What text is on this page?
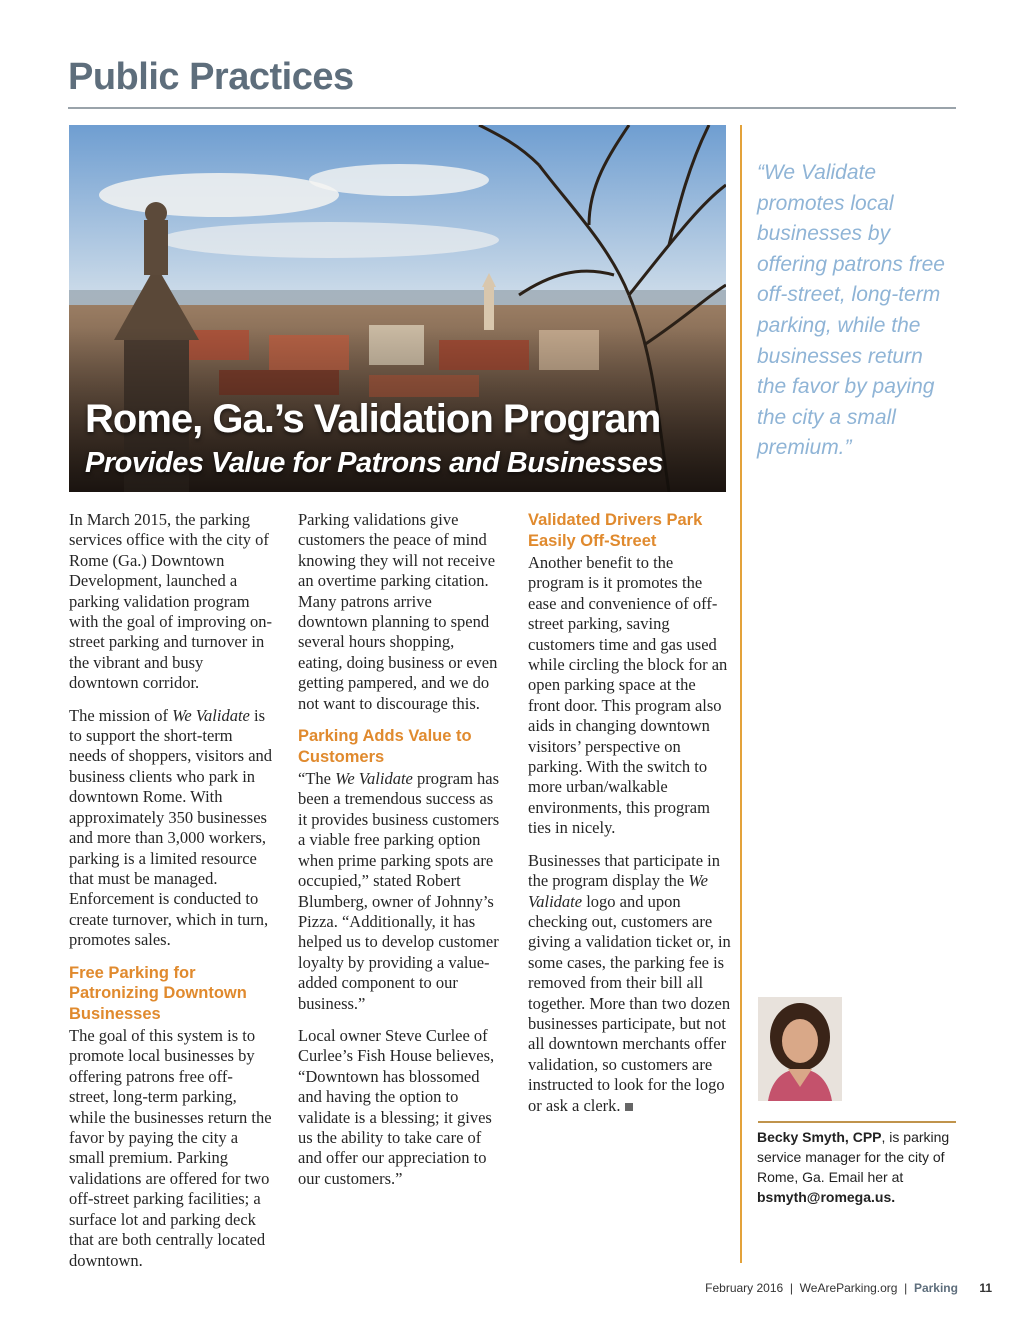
Public Practices
Rome, Ga.’s Validation Program
Provides Value for Patrons and Businesses
“We Validate promotes local businesses by offering patrons free off-street, long-term parking, while the businesses return the favor by paying the city a small premium.”

In March 2015, the parking services office with the city of Rome (Ga.) Downtown Development, launched a parking validation program with the goal of improving on-street parking and turnover in the vibrant and busy downtown corridor.

The mission of We Validate is to support the short-term needs of shoppers, visitors and business clients who park in downtown Rome. With approximately 350 businesses and more than 3,000 workers, parking is a limited resource that must be managed. Enforcement is conducted to create turnover, which in turn, promotes sales.

Free Parking for Patronizing Downtown Businesses

The goal of this system is to promote local businesses by offering patrons free off-street, long-term parking, while the businesses return the favor by paying the city a small premium. Parking validations are offered for two off-street parking facilities; a surface lot and parking deck that are both centrally located downtown.

Parking validations give customers the peace of mind knowing they will not receive an overtime parking citation. Many patrons arrive downtown planning to spend several hours shopping, eating, doing business or even getting pampered, and we do not want to discourage this.

Parking Adds Value to Customers

“The We Validate program has been a tremendous success as it provides business customers a viable free parking option when prime parking spots are occupied,” stated Robert Blumberg, owner of Johnny’s Pizza. “Additionally, it has helped us to develop customer loyalty by providing a value-added component to our business.”

Local owner Steve Curlee of Curlee’s Fish House believes, “Downtown has blossomed and having the option to validate is a blessing; it gives us the ability to take care of and offer our appreciation to our customers.”

Validated Drivers Park Easily Off-Street

Another benefit to the program is it promotes the ease and convenience of off-street parking, saving customers time and gas used while circling the block for an open parking space at the front door. This program also aids in changing downtown visitors’ perspective on parking. With the switch to more urban/walkable environments, this program ties in nicely.

Businesses that participate in the program display the We Validate logo and upon checking out, customers are giving a validation ticket or, in some cases, the parking fee is removed from their bill all together. More than two dozen businesses participate, but not all downtown merchants offer validation, so customers are instructed to look for the logo or ask a clerk.

Becky Smyth, CPP, is parking service manager for the city of Rome, Ga. Email her at bsmyth@romega.us.
February 2016 | WeAreParking.org | Parking 11
